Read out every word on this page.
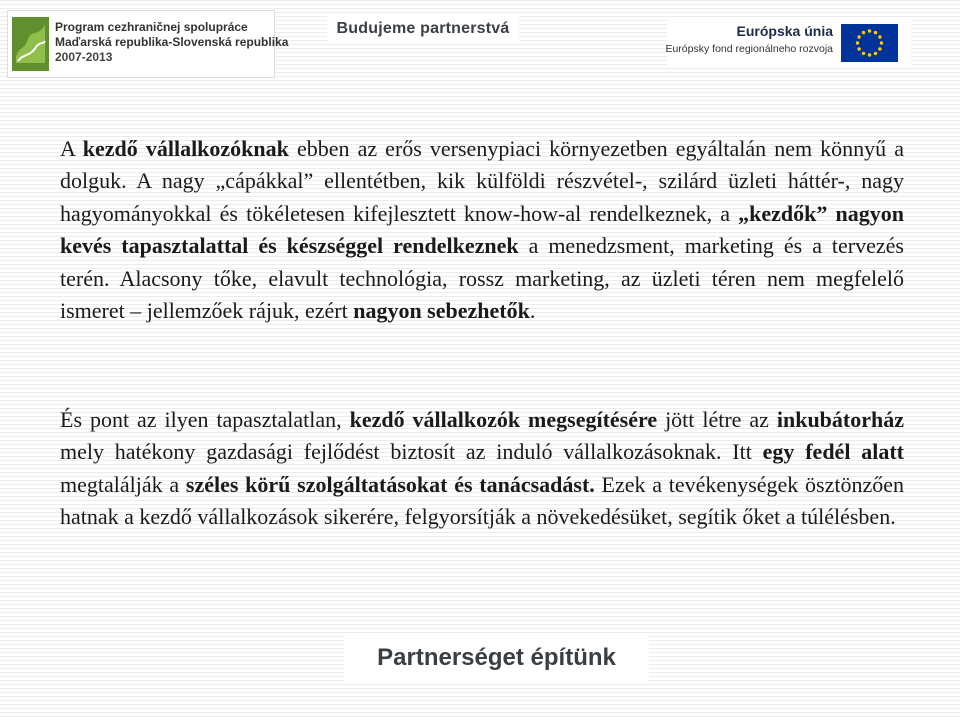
Program cezhraničnej spolupráce
Maďarská republika-Slovenská republika
2007-2013
Budujeme partnerstvá	Európska únia
Európsky fond regionálneho rozvoja

A kezdő vállalkozóknak ebben az erős versenypiaci környezetben egyáltalán nem könnyű a dolguk. A nagy „cápákkal” ellentétben, kik külföldi részvétel-, szilárd üzleti háttér-, nagy hagyományokkal és tökéletesen kifejlesztett know-how-al rendelkeznek, a „kezdők” nagyon kevés tapasztalattal és készséggel rendelkeznek a menedzsment, marketing és a tervezés terén. Alacsony tőke, elavult technológia, rossz marketing, az üzleti téren nem megfelelő ismeret – jellemzőek rájuk, ezért nagyon sebezhetők.

És pont az ilyen tapasztalatlan, kezdő vállalkozók megsegítésére jött létre az inkubátorház mely hatékony gazdasági fejlődést biztosít az induló vállalkozásoknak. Itt egy fedél alatt megtalálják a széles körű szolgáltatásokat és tanácsadást. Ezek a tevékenységek ösztönzően hatnak a kezdő vállalkozások sikerére, felgyorsítják a növekedésüket, segítik őket a túlélésben.

Partnerséget építünk
